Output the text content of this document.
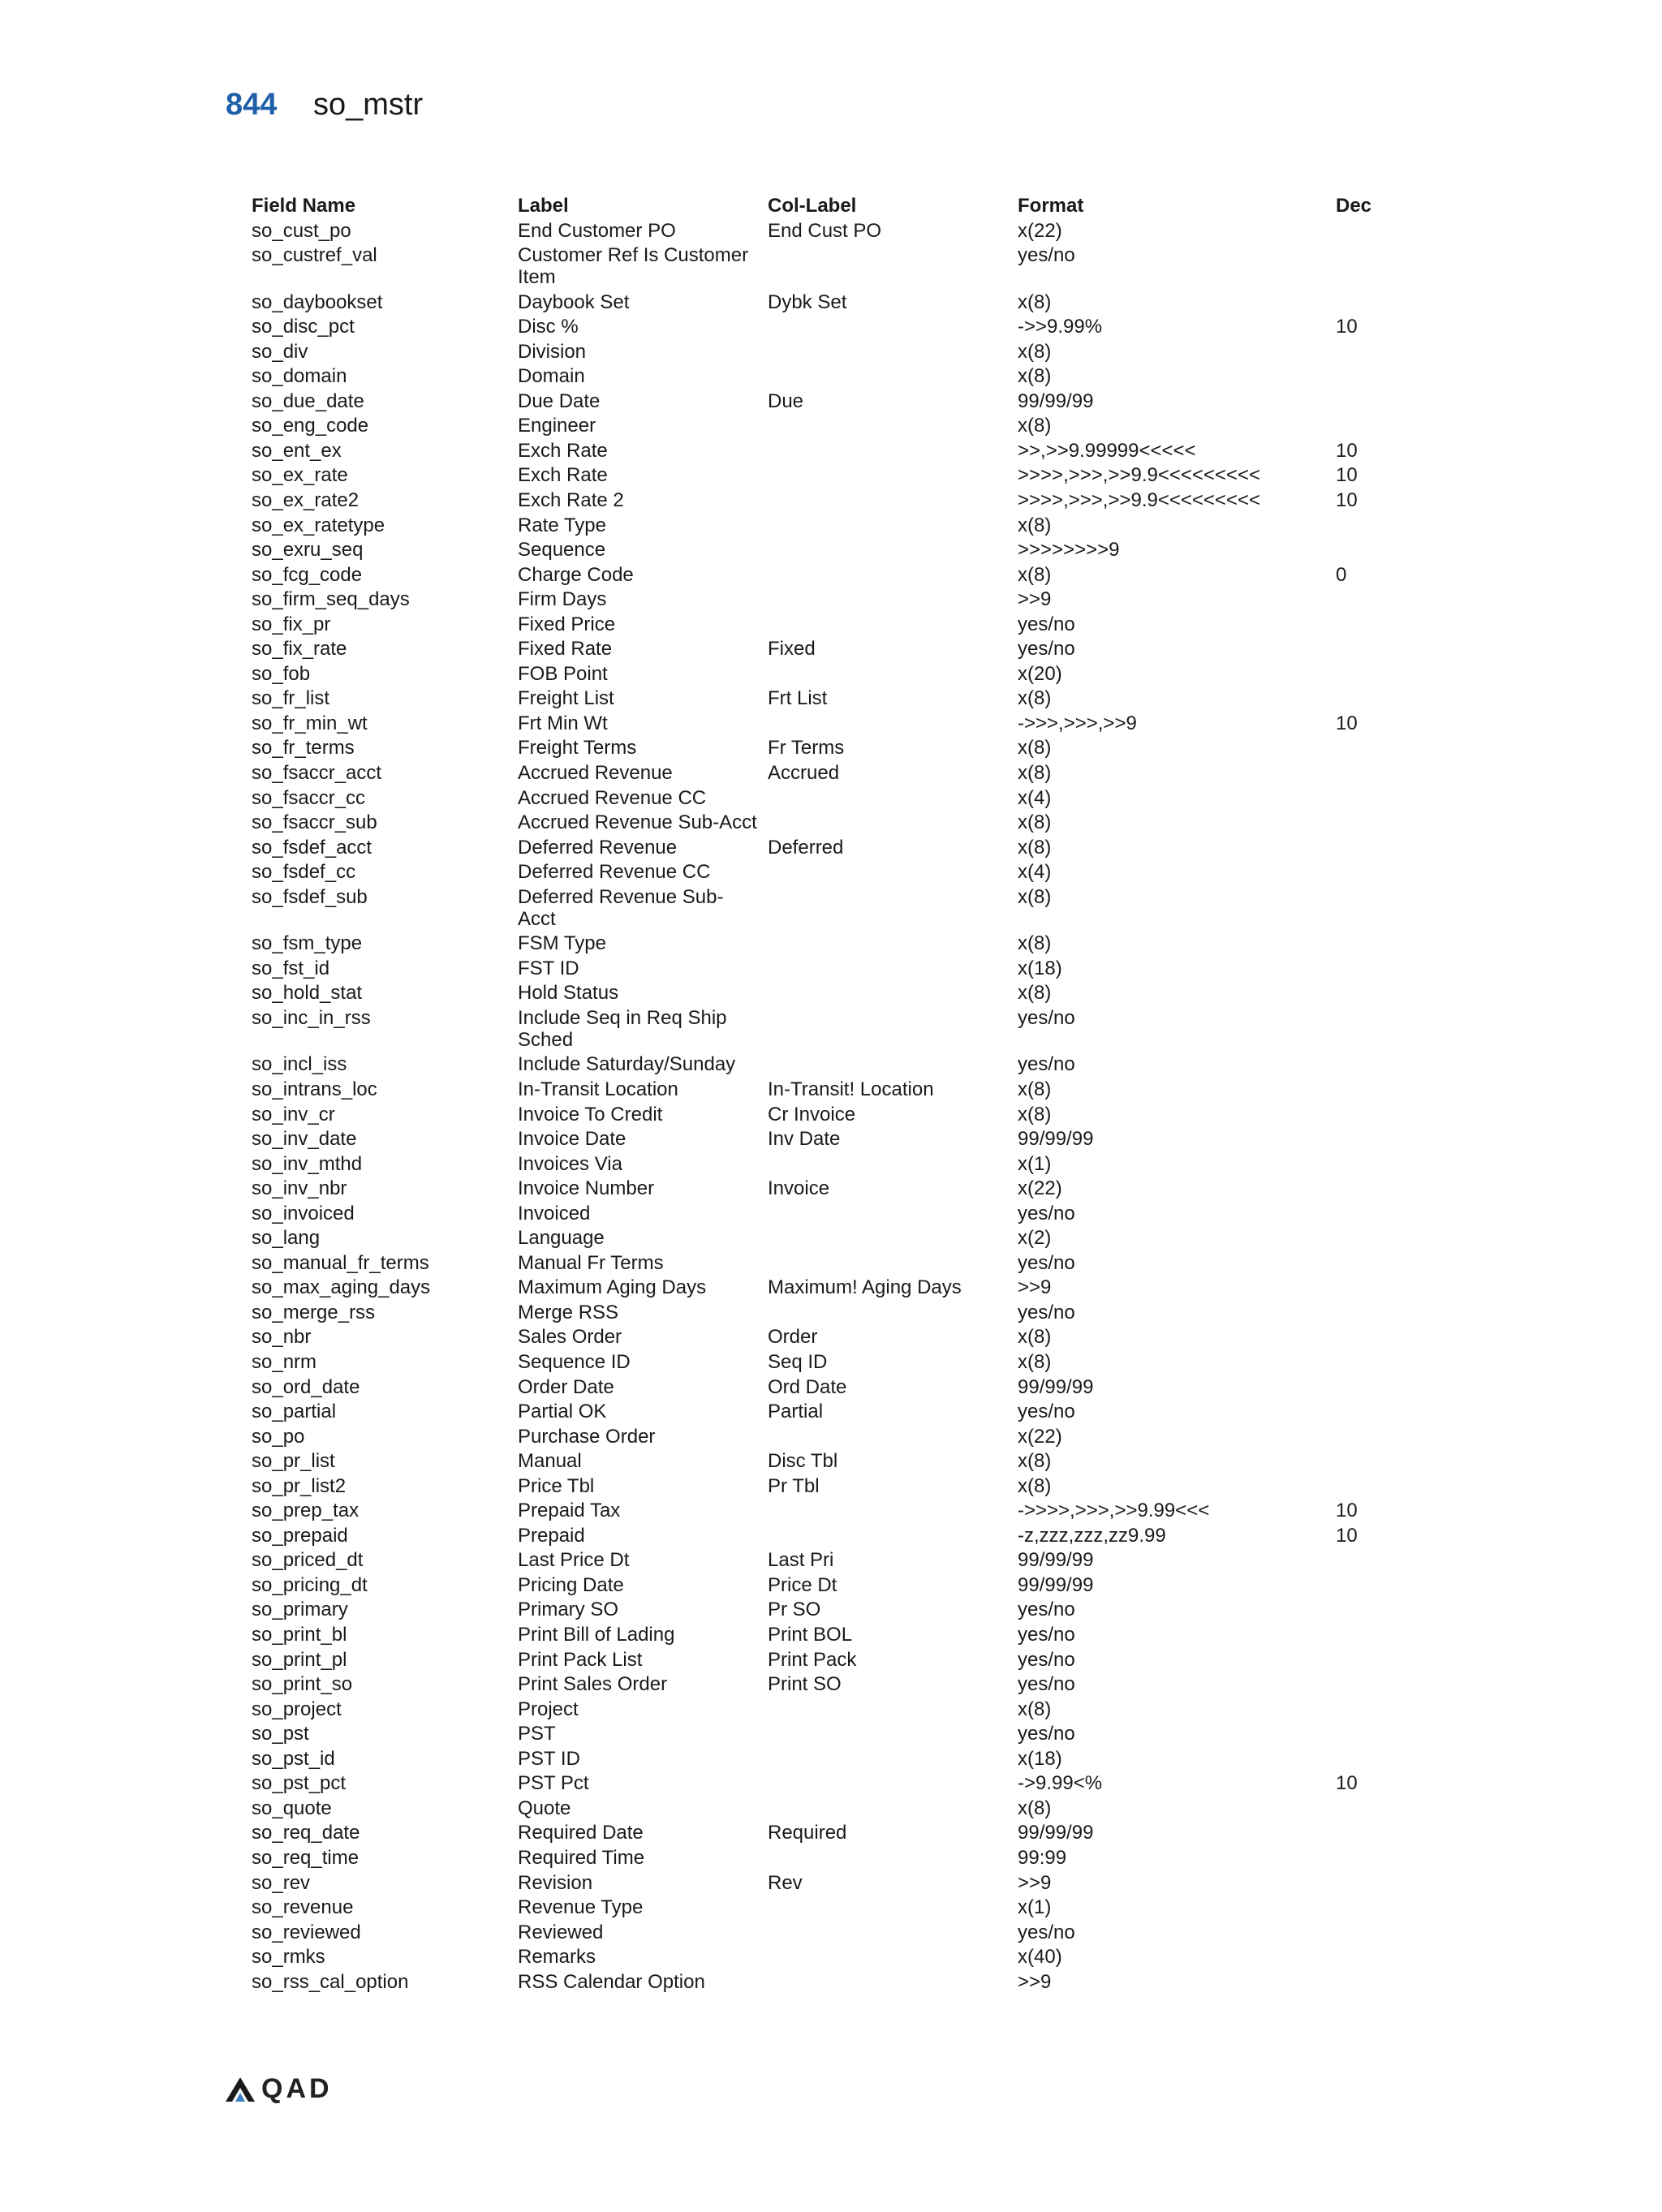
844	so_mstr
Field Name	Label	Col-Label	Format	Dec
so_cust_po	End Customer PO	End Cust PO	x(22)	
so_custref_val	Customer Ref Is Customer Item		yes/no	
so_daybookset	Daybook Set	Dybk Set	x(8)	
so_disc_pct	Disc %		->>9.99%	10
so_div	Division		x(8)	
so_domain	Domain		x(8)	
so_due_date	Due Date	Due	99/99/99	
so_eng_code	Engineer		x(8)	
so_ent_ex	Exch Rate		>>,>>9.99999<<<<<	10
so_ex_rate	Exch Rate		>>>>,>>>,>>9.9<<<<<<<<<	10
so_ex_rate2	Exch Rate 2		>>>>,>>>,>>9.9<<<<<<<<<	10
so_ex_ratetype	Rate Type		x(8)	
so_exru_seq	Sequence		>>>>>>>>9	
so_fcg_code	Charge Code		x(8)	0
so_firm_seq_days	Firm Days		>>9	
so_fix_pr	Fixed Price		yes/no	
so_fix_rate	Fixed Rate	Fixed	yes/no	
so_fob	FOB Point		x(20)	
so_fr_list	Freight List	Frt List	x(8)	
so_fr_min_wt	Frt Min Wt		->>>,>>>,>>9	10
so_fr_terms	Freight Terms	Fr Terms	x(8)	
so_fsaccr_acct	Accrued Revenue	Accrued	x(8)	
so_fsaccr_cc	Accrued Revenue CC		x(4)	
so_fsaccr_sub	Accrued Revenue Sub-Acct		x(8)	
so_fsdef_acct	Deferred Revenue	Deferred	x(8)	
so_fsdef_cc	Deferred Revenue CC		x(4)	
so_fsdef_sub	Deferred Revenue Sub-Acct		x(8)	
so_fsm_type	FSM Type		x(8)	
so_fst_id	FST ID		x(18)	
so_hold_stat	Hold Status		x(8)	
so_inc_in_rss	Include Seq in Req Ship Sched		yes/no	
so_incl_iss	Include Saturday/Sunday		yes/no	
so_intrans_loc	In-Transit Location	In-Transit! Location	x(8)	
so_inv_cr	Invoice To Credit	Cr Invoice	x(8)	
so_inv_date	Invoice Date	Inv Date	99/99/99	
so_inv_mthd	Invoices Via		x(1)	
so_inv_nbr	Invoice Number	Invoice	x(22)	
so_invoiced	Invoiced		yes/no	
so_lang	Language		x(2)	
so_manual_fr_terms	Manual Fr Terms		yes/no	
so_max_aging_days	Maximum Aging Days	Maximum! Aging Days	>>9	
so_merge_rss	Merge RSS		yes/no	
so_nbr	Sales Order	Order	x(8)	
so_nrm	Sequence ID	Seq ID	x(8)	
so_ord_date	Order Date	Ord Date	99/99/99	
so_partial	Partial OK	Partial	yes/no	
so_po	Purchase Order		x(22)	
so_pr_list	Manual	Disc Tbl	x(8)	
so_pr_list2	Price Tbl	Pr Tbl	x(8)	
so_prep_tax	Prepaid Tax		->>>>,>>>,>>9.99<<<	10
so_prepaid	Prepaid		-z,zzz,zzz,zz9.99	10
so_priced_dt	Last Price Dt	Last Pri	99/99/99	
so_pricing_dt	Pricing Date	Price Dt	99/99/99	
so_primary	Primary SO	Pr SO	yes/no	
so_print_bl	Print Bill of Lading	Print BOL	yes/no	
so_print_pl	Print Pack List	Print Pack	yes/no	
so_print_so	Print Sales Order	Print SO	yes/no	
so_project	Project		x(8)	
so_pst	PST		yes/no	
so_pst_id	PST ID		x(18)	
so_pst_pct	PST Pct		->9.99<%	10
so_quote	Quote		x(8)	
so_req_date	Required Date	Required	99/99/99	
so_req_time	Required Time		99:99	
so_rev	Revision	Rev	>>9	
so_revenue	Revenue Type		x(1)	
so_reviewed	Reviewed		yes/no	
so_rmks	Remarks		x(40)	
so_rss_cal_option	RSS Calendar Option		>>9	
QAD
